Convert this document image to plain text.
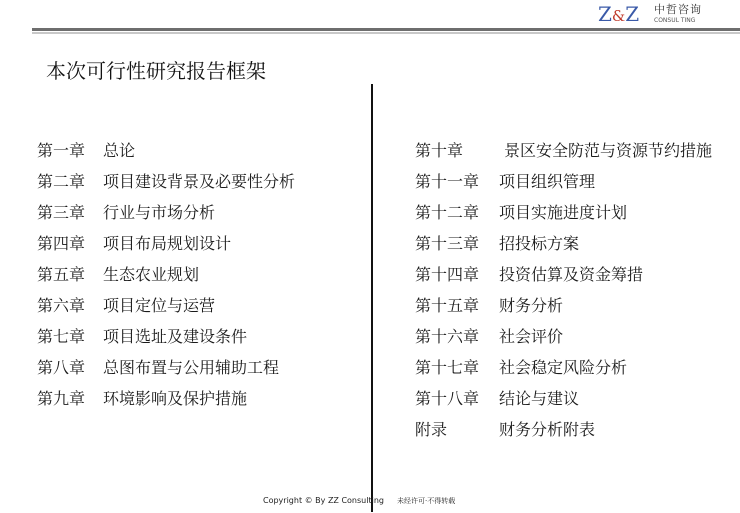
Z&Z 中哲咨询
CONSUL TING
本次可行性研究报告框架
第一章 总论
第二章 项目建设背景及必要性分析
第三章 行业与市场分析
第四章 项目布局规划设计
第五章 生态农业规划
第六章 项目定位与运营
第七章 项目选址及建设条件
第八章 总图布置与公用辅助工程
第九章 环境影响及保护措施
第十章	景区安全防范与资源节约措施
第十一章 项目组织管理
第十二章 项目实施进度计划
第十三章 招投标方案
第十四章 投资估算及资金筹措
第十五章 财务分析
第十六章 社会评价
第十七章 社会稳定风险分析
第十八章 结论与建议
附录	财务分析附表
Copyright © By ZZ Consulting 未经许可·不得转载
